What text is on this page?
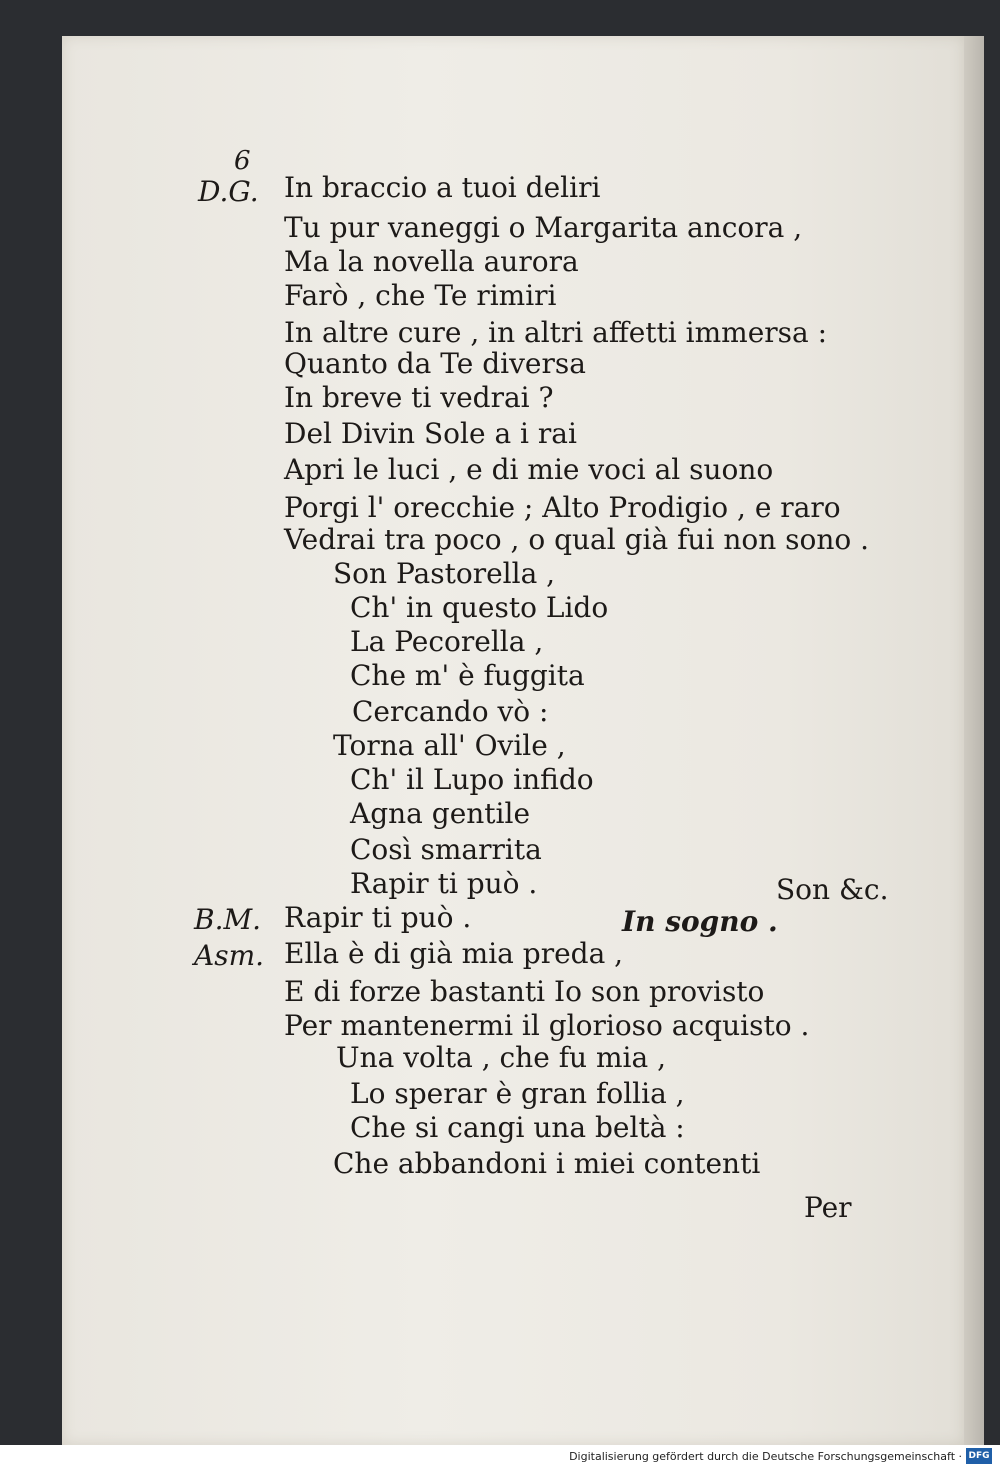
6
D.G. In braccio a tuoi deliri
Tu pur vaneggi o Margarita ancora ,
Ma la novella aurora
Farò , che Te rimiri
In altre cure , in altri affetti immersa :
Quanto da Te diversa
In breve ti vedrai ?
Del Divin Sole a i rai
Apri le luci , e di mie voci al suono
Porgi l' orecchie ; Alto Prodigio , e raro
Vedrai tra poco , o qual già fui non sono .
Son Pastorella ,
Ch' in questo Lido
La Pecorella ,
Che m' è fuggita
Cercando vò :
Torna all' Ovile ,
Ch' il Lupo infido
Agna gentile
Così smarrita
Rapir ti può .	Son &c.
B.M. Rapir ti può .	In sogno .
Asm. Ella è di già mia preda ,
E di forze bastanti Io son provisto
Per mantenermi il glorioso acquisto .
Una volta , che fu mia ,
Lo sperar è gran follia ,
Che si cangi una beltà :
Che abbandoni i miei contenti
Per
Digitalisierung gefördert durch die Deutsche Forschungsgemeinschaft · DFG
